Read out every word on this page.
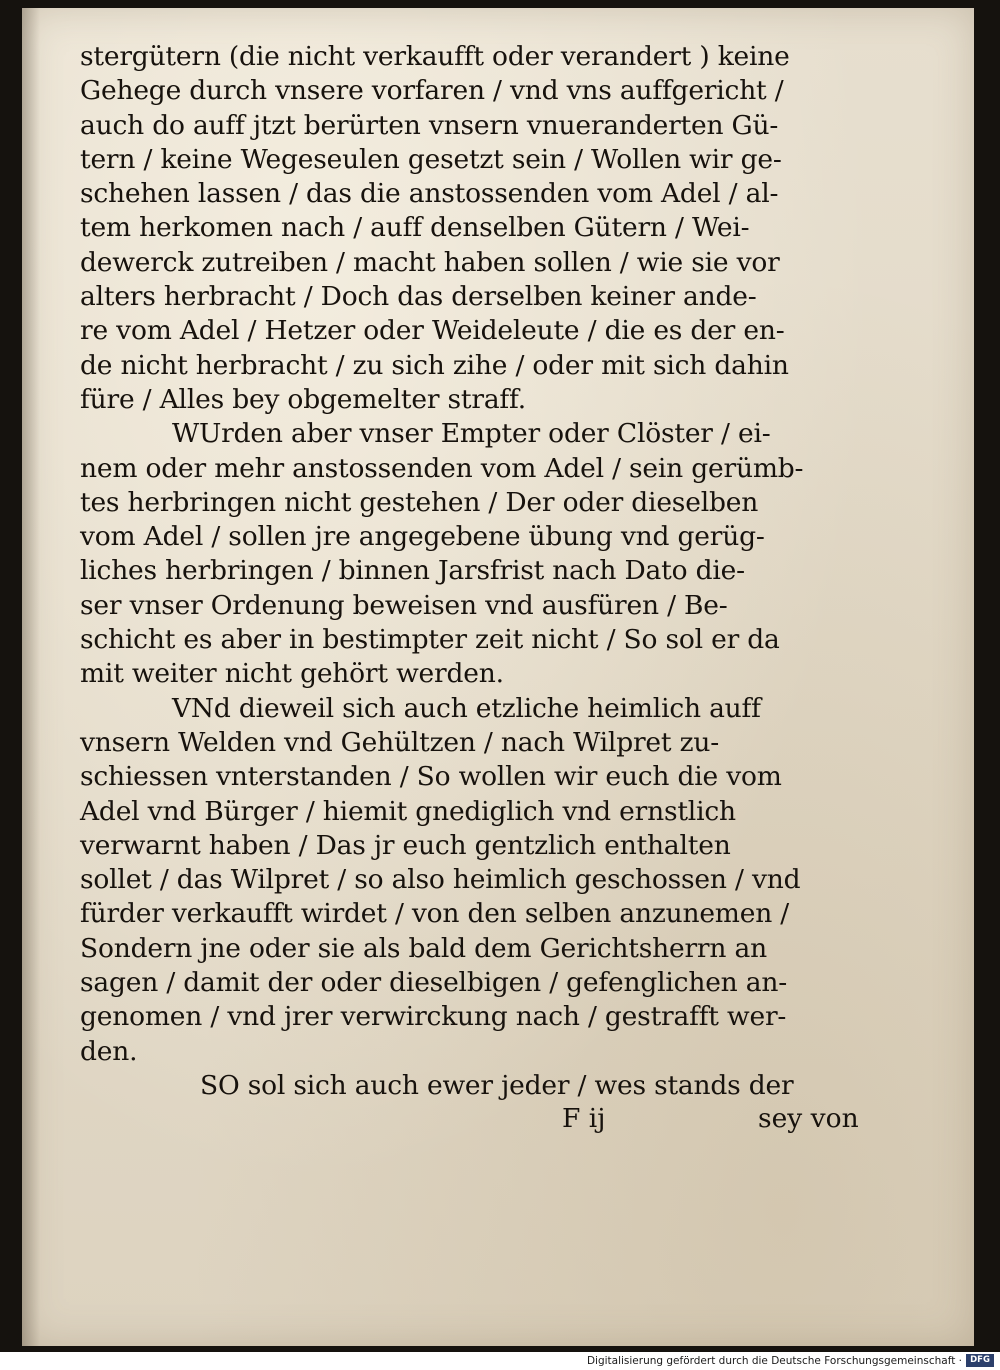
stergütern (die nicht verkaufft oder verandert ) keine
Gehege durch vnsere vorfaren / vnd vns auffgericht /
auch do auff jtzt berürten vnsern vnueranderten Gü-
tern / keine Wegeseulen gesetzt sein / Wollen wir ge-
schehen lassen / das die anstossenden vom Adel / al-
tem herkomen nach / auff denselben Gütern / Wei-
dewerck zutreiben / macht haben sollen / wie sie vor
alters herbracht / Doch das derselben keiner ande-
re vom Adel / Hetzer oder Weideleute / die es der en-
de nicht herbracht / zu sich zihe / oder mit sich dahin
füre / Alles bey obgemelter straff.
WUrden aber vnser Empter oder Clöster / ei-
nem oder mehr anstossenden vom Adel / sein gerümb-
tes herbringen nicht gestehen / Der oder dieselben
vom Adel / sollen jre angegebene übung vnd gerüg-
liches herbringen / binnen Jarsfrist nach Dato die-
ser vnser Ordenung beweisen vnd ausfüren / Be-
schicht es aber in bestimpter zeit nicht / So sol er da
mit weiter nicht gehört werden.
VNd dieweil sich auch etzliche heimlich auff
vnsern Welden vnd Gehültzen / nach Wilpret zu-
schiessen vnterstanden / So wollen wir euch die vom
Adel vnd Bürger / hiemit gnediglich vnd ernstlich
verwarnt haben / Das jr euch gentzlich enthalten
sollet / das Wilpret / so also heimlich geschossen / vnd
fürder verkaufft wirdet / von den selben anzunemen /
Sondern jne oder sie als bald dem Gerichtsherrn an
sagen / damit der oder dieselbigen / gefenglichen an-
genomen / vnd jrer verwirckung nach / gestrafft wer-
den.
SO sol sich auch ewer jeder / wes stands der
F ij	sey von
Digitalisierung gefördert durch die Deutsche Forschungsgemeinschaft · DFG
